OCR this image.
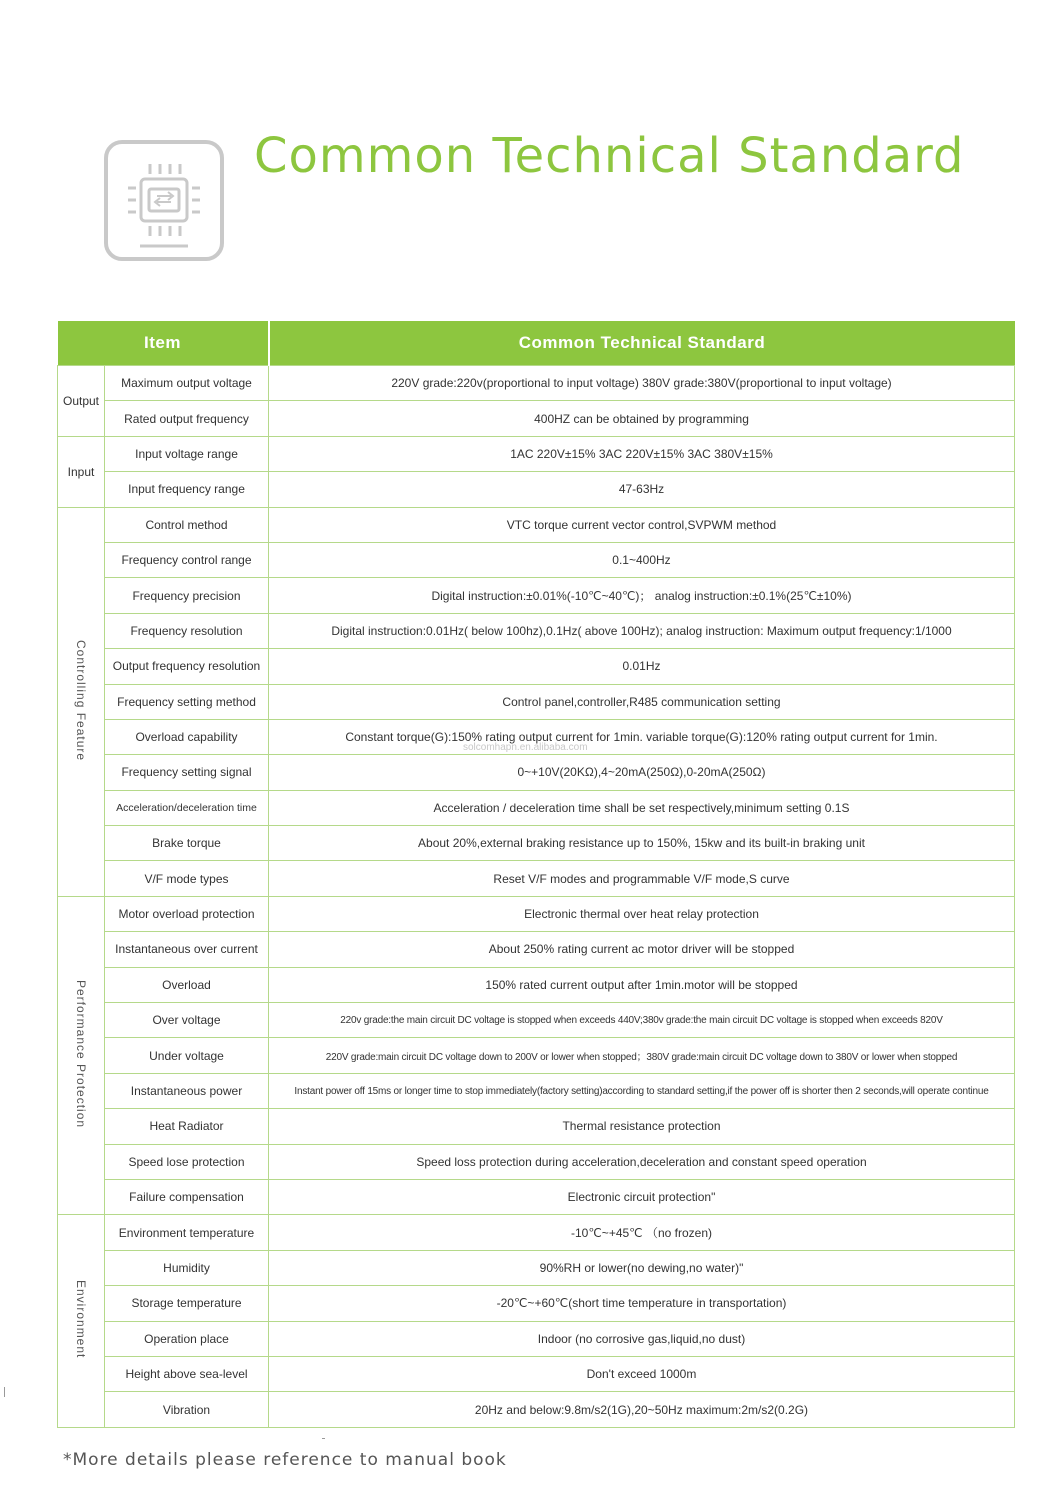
Common Technical Standard
Item		Common Technical Standard
Output	Maximum output voltage	220V grade:220v(proportional to input voltage) 380V grade:380V(proportional to input voltage)
	Rated output frequency	400HZ can be obtained by programming
Input	Input voltage range	1AC 220V±15% 3AC 220V±15% 3AC 380V±15%
	Input frequency range	47-63Hz
Controlling Feature	Control method	VTC torque current vector control,SVPWM method
	Frequency control range	0.1~400Hz
	Frequency precision	Digital instruction:±0.01%(-10℃~40℃)； analog instruction:±0.1%(25℃±10%)
	Frequency resolution	Digital instruction:0.01Hz( below 100hz),0.1Hz( above 100Hz); analog instruction: Maximum output frequency:1/1000
	Output frequency resolution	0.01Hz
	Frequency setting method	Control panel,controller,R485 communication setting
	Overload capability	Constant torque(G):150% rating output current for 1min. variable torque(G):120% rating output current for 1min.
	Frequency setting signal	0~+10V(20KΩ),4~20mA(250Ω),0-20mA(250Ω)
	Acceleration/deceleration time	Acceleration / deceleration time shall be set respectively,minimum setting 0.1S
	Brake torque	About 20%,external braking resistance up to 150%, 15kw and its built-in braking unit
	V/F mode types	Reset V/F modes and programmable V/F mode,S curve
Performance Protection	Motor overload protection	Electronic thermal over heat relay protection
	Instantaneous over current	About 250% rating current ac motor driver will be stopped
	Overload	150% rated current output after 1min.motor will be stopped
	Over voltage	220v grade:the main circuit DC voltage is stopped when exceeds 440V;380v grade:the main circuit DC voltage is stopped when exceeds 820V
	Under voltage	220V grade:main circuit DC voltage down to 200V or lower when stopped；380V grade:main circuit DC voltage down to 380V or lower when stopped
	Instantaneous power	Instant power off 15ms or longer time to stop immediately(factory setting)according to standard setting,if the power off is shorter then 2 seconds,will operate continue
	Heat Radiator	Thermal resistance protection
	Speed lose protection	Speed loss protection during acceleration,deceleration and constant speed operation
	Failure compensation	Electronic circuit protection"
Environment	Environment temperature	-10℃~+45℃ （no frozen)
	Humidity	90%RH or lower(no dewing,no water)"
	Storage temperature	-20℃~+60℃(short time temperature in transportation)
	Operation place	Indoor (no corrosive gas,liquid,no dust)
	Height above sea-level	Don't exceed 1000m
	Vibration	20Hz and below:9.8m/s2(1G),20~50Hz maximum:2m/s2(0.2G)
solcomhapn.en.alibaba.com
*More details please reference to manual book
